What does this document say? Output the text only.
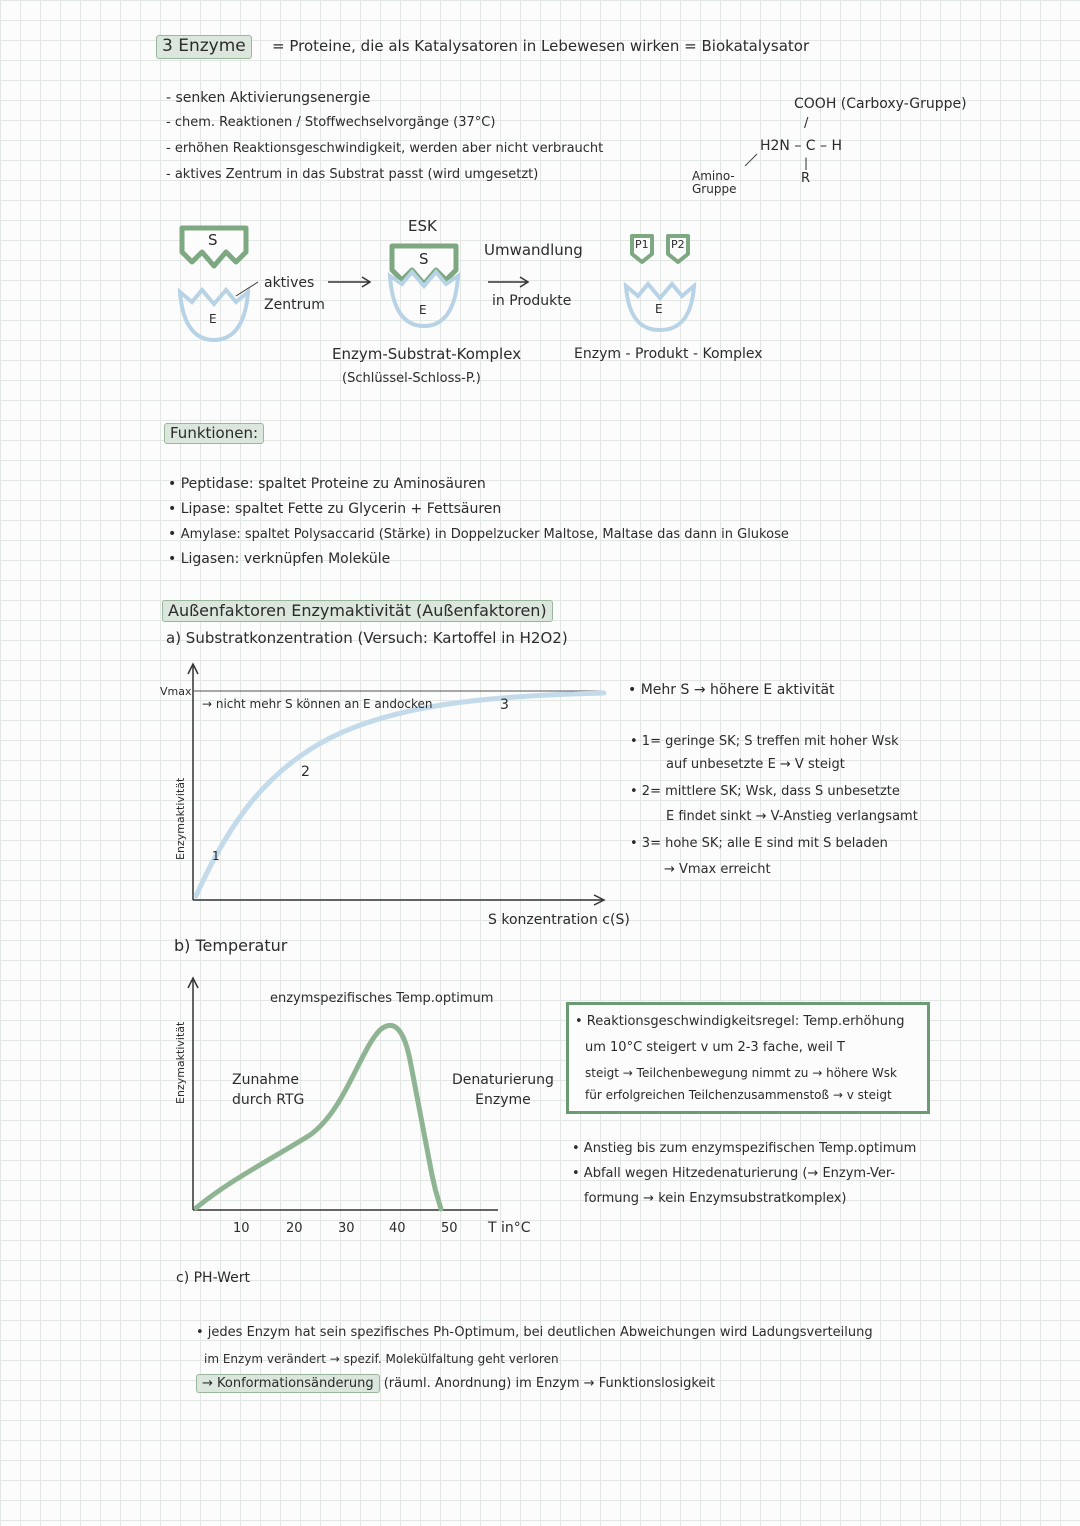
3 Enzyme	= Proteine, die als Katalysatoren in Lebewesen wirken = Biokatalysator
- senken Aktivierungsenergie
- chem. Reaktionen / Stoffwechselvorgänge (37°C)
- erhöhen Reaktionsgeschwindigkeit, werden aber nicht verbraucht
- aktives Zentrum in das Substrat passt (wird umgesetzt)
COOH (Carboxy-Gruppe)
/
H2N – C – H
|
R
Amino-
Gruppe
S
E
aktives
Zentrum
ESK
S
E
Umwandlung
in Produkte
P1 P2
E
Enzym-Substrat-Komplex
(Schlüssel-Schloss-P.)
Enzym - Produkt - Komplex
Funktionen:
• Peptidase: spaltet Proteine zu Aminosäuren
• Lipase: spaltet Fette zu Glycerin + Fettsäuren
• Amylase: spaltet Polysaccarid (Stärke) in Doppelzucker Maltose, Maltase das dann in Glukose
• Ligasen: verknüpfen Moleküle
Außenfaktoren Enzymaktivität (Außenfaktoren)
a) Substratkonzentration (Versuch: Kartoffel in H2O2)
Vmax
Enzymaktivität
→ nicht mehr S können an E andocken
1
2
3
S konzentration c(S)
• Mehr S → höhere E aktivität
• 1= geringe SK; S treffen mit hoher Wsk
auf unbesetzte E → V steigt
• 2= mittlere SK; Wsk, dass S unbesetzte
E findet sinkt → V-Anstieg verlangsamt
• 3= hohe SK; alle E sind mit S beladen
→ Vmax erreicht
b) Temperatur
Enzymaktivität
enzymspezifisches Temp.optimum
Zunahme
durch RTG
Denaturierung
Enzyme
10	20	30	40	50 T in°C
• Reaktionsgeschwindigkeitsregel: Temp.erhöhung
um 10°C steigert v um 2-3 fache, weil T
steigt → Teilchenbewegung nimmt zu → höhere Wsk
für erfolgreichen Teilchenzusammenstoß → v steigt
• Anstieg bis zum enzymspezifischen Temp.optimum
• Abfall wegen Hitzedenaturierung (→ Enzym-Ver-
formung → kein Enzymsubstratkomplex)
c) PH-Wert
• jedes Enzym hat sein spezifisches Ph-Optimum, bei deutlichen Abweichungen wird Ladungsverteilung
im Enzym verändert → spezif. Molekülfaltung geht verloren
→ Konformationsänderung (räuml. Anordnung) im Enzym → Funktionslosigkeit
